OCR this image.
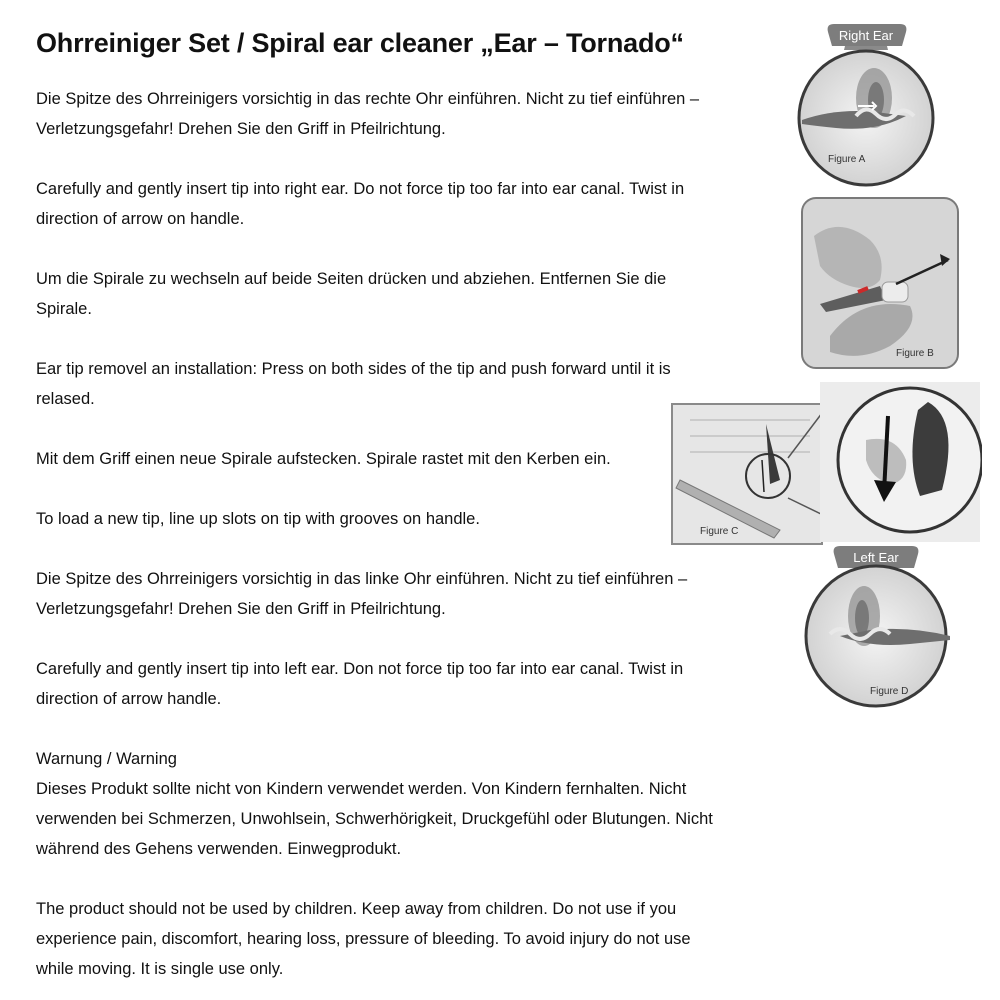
Ohrreiniger Set / Spiral ear cleaner „Ear – Tornado“

Die Spitze des Ohrreinigers vorsichtig in das rechte Ohr einführen. Nicht zu tief einführen –
Verletzungsgefahr! Drehen Sie den Griff in Pfeilrichtung.

Carefully and gently insert tip into right ear. Do not force tip too far into ear canal. Twist in
direction of arrow on handle.

Um die Spirale zu wechseln auf beide Seiten drücken und abziehen. Entfernen Sie die
Spirale.

Ear tip removel an installation: Press on both sides of the tip and push forward until it is
relased.

Mit dem Griff einen neue Spirale aufstecken. Spirale rastet mit den Kerben ein.

To load a new tip, line up slots on tip with grooves on handle.

Die Spitze des Ohrreinigers vorsichtig in das linke Ohr einführen. Nicht zu tief einführen –
Verletzungsgefahr! Drehen Sie den Griff in Pfeilrichtung.

Carefully and gently insert tip into left ear. Don not force tip too far into ear canal. Twist in
direction of arrow handle.

Warnung / Warning
Dieses Produkt sollte nicht von Kindern verwendet werden. Von Kindern fernhalten. Nicht
verwenden bei Schmerzen, Unwohlsein, Schwerhörigkeit, Druckgefühl oder Blutungen. Nicht
während des Gehens verwenden. Einwegprodukt.

The product should not be used by children. Keep away from children. Do not use if you
experience pain, discomfort, hearing loss, pressure of bleeding. To avoid injury do not use
while moving. It is single use only.

Right Ear
Figure A
Figure B
Figure C
Left Ear
Figure D
